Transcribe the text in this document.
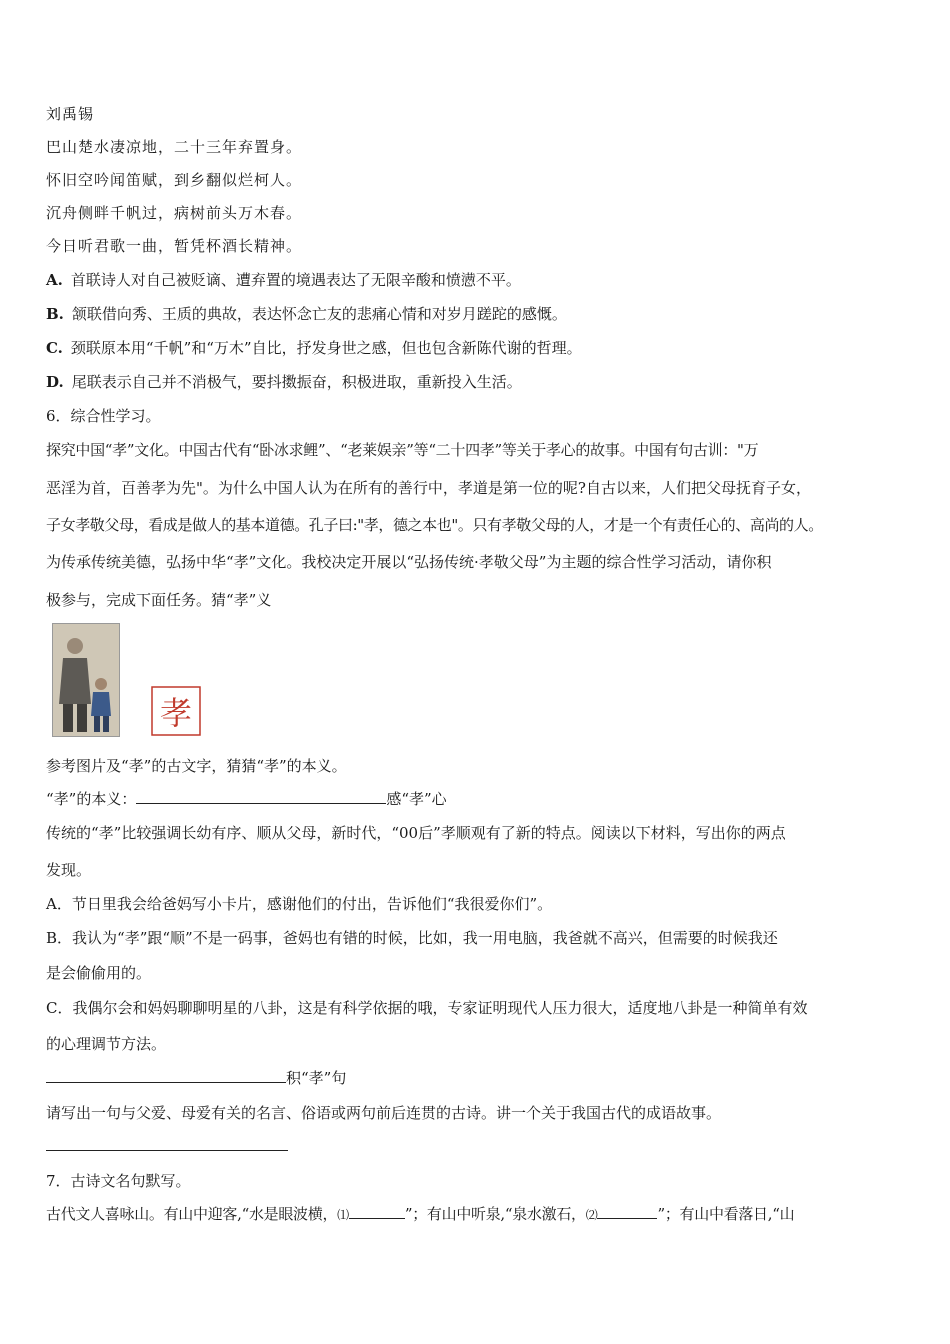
刘禹锡
巴山楚水凄凉地，二十三年弃置身。
怀旧空吟闻笛赋，到乡翻似烂柯人。
沉舟侧畔千帆过，病树前头万木春。
今日听君歌一曲，暂凭杯酒长精神。
A. 首联诗人对自己被贬谪、遭弃置的境遇表达了无限辛酸和愤懑不平。
B. 颔联借向秀、王质的典故，表达怀念亡友的悲痛心情和对岁月蹉跎的感慨。
C. 颈联原本用“千帆”和“万木”自比，抒发身世之感，但也包含新陈代谢的哲理。
D. 尾联表示自己并不消极气，要抖擞振奋，积极进取，重新投入生活。
6．综合性学习。
探究中国“孝”文化。中国古代有“卧冰求鲤”、“老莱娱亲”等“二十四孝”等关于孝心的故事。中国有句古训："万
恶淫为首，百善孝为先"。为什么中国人认为在所有的善行中，孝道是第一位的呢?自古以来，人们把父母抚育子女，
子女孝敬父母，看成是做人的基本道德。孔子曰:"孝，德之本也"。只有孝敬父母的人，才是一个有责任心的、高尚的人。
为传承传统美德，弘扬中华“孝”文化。我校决定开展以“弘扬传统·孝敬父母”为主题的综合性学习活动，请你积
极参与，完成下面任务。猜“孝”义
孝
参考图片及“孝”的古文字，猜猜“孝”的本义。
“孝”的本义：	感“孝”心
传统的“孝”比较强调长幼有序、顺从父母，新时代，“00后”孝顺观有了新的特点。阅读以下材料，写出你的两点
发现。
A．节日里我会给爸妈写小卡片，感谢他们的付出，告诉他们“我很爱你们”。
B．我认为“孝”跟“顺”不是一码事，爸妈也有错的时候，比如，我一用电脑，我爸就不高兴，但需要的时候我还
是会偷偷用的。
C．我偶尔会和妈妈聊聊明星的八卦，这是有科学依据的哦，专家证明现代人压力很大，适度地八卦是一种简单有效
的心理调节方法。
积“孝”句
请写出一句与父爱、母爱有关的名言、俗语或两句前后连贯的古诗。讲一个关于我国古代的成语故事。
7．古诗文名句默写。
古代文人喜咏山。有山中迎客,“水是眼波横，⑴	”；有山中听泉,“泉水激石，⑵	”；有山中看落日,“山
